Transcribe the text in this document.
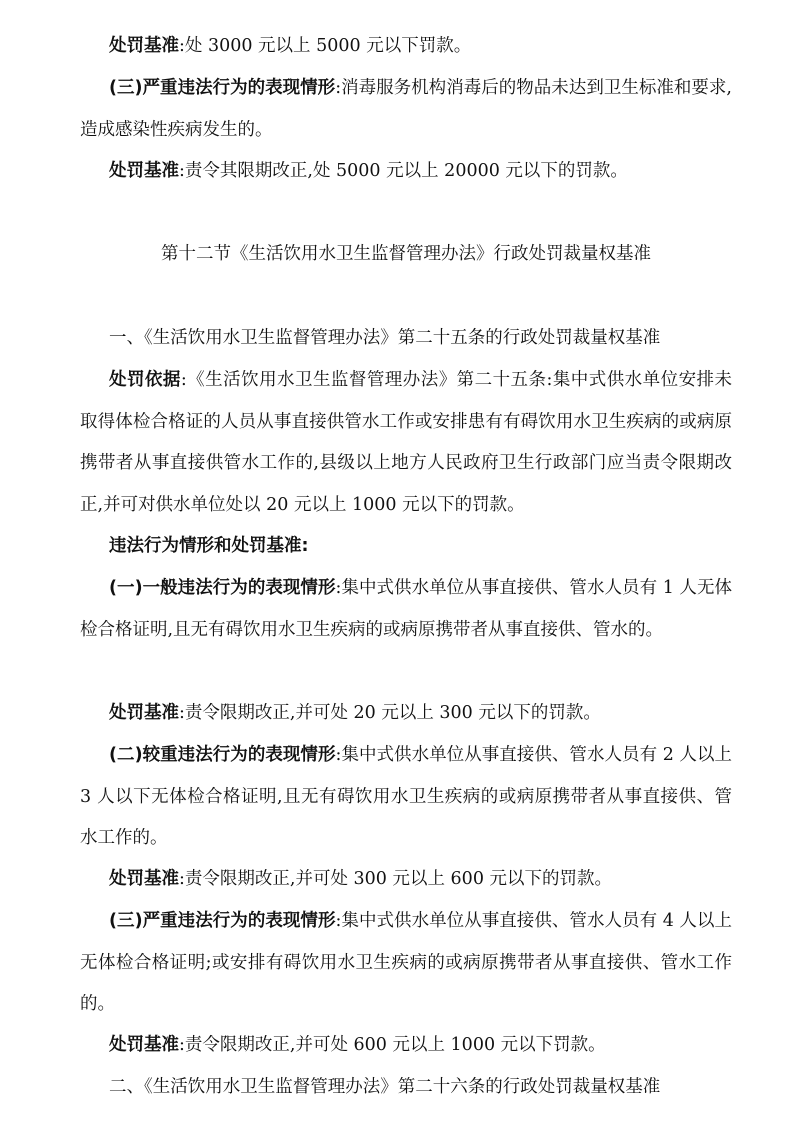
处罚基准:处 3000 元以上 5000 元以下罚款。

(三)严重违法行为的表现情形:消毒服务机构消毒后的物品未达到卫生标准和要求,造成感染性疾病发生的。

处罚基准:责令其限期改正,处 5000 元以上 20000 元以下的罚款。

第十二节《生活饮用水卫生监督管理办法》行政处罚裁量权基准

一、《生活饮用水卫生监督管理办法》第二十五条的行政处罚裁量权基准

处罚依据:《生活饮用水卫生监督管理办法》第二十五条:集中式供水单位安排未取得体检合格证的人员从事直接供管水工作或安排患有有碍饮用水卫生疾病的或病原携带者从事直接供管水工作的,县级以上地方人民政府卫生行政部门应当责令限期改正,并可对供水单位处以 20 元以上 1000 元以下的罚款。

违法行为情形和处罚基准:

(一)一般违法行为的表现情形:集中式供水单位从事直接供、管水人员有 1 人无体检合格证明,且无有碍饮用水卫生疾病的或病原携带者从事直接供、管水的。

处罚基准:责令限期改正,并可处 20 元以上 300 元以下的罚款。

(二)较重违法行为的表现情形:集中式供水单位从事直接供、管水人员有 2 人以上 3 人以下无体检合格证明,且无有碍饮用水卫生疾病的或病原携带者从事直接供、管水工作的。

处罚基准:责令限期改正,并可处 300 元以上 600 元以下的罚款。

(三)严重违法行为的表现情形:集中式供水单位从事直接供、管水人员有 4 人以上无体检合格证明;或安排有碍饮用水卫生疾病的或病原携带者从事直接供、管水工作的。

处罚基准:责令限期改正,并可处 600 元以上 1000 元以下罚款。

二、《生活饮用水卫生监督管理办法》第二十六条的行政处罚裁量权基准
